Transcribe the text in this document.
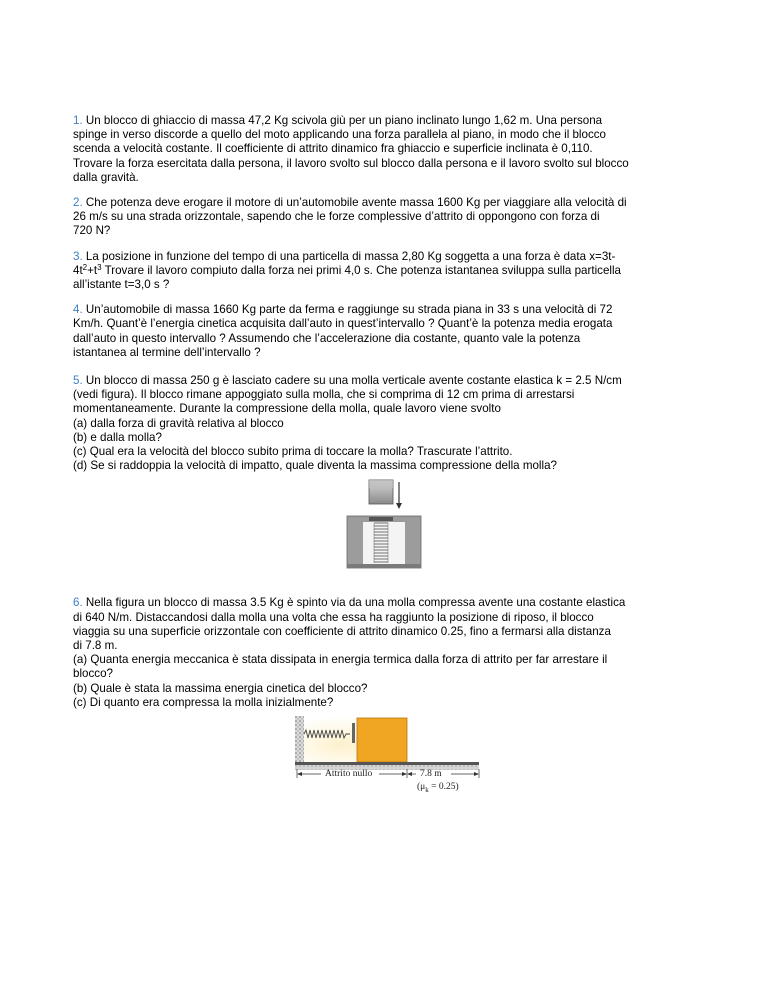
1. Un blocco di ghiaccio di massa 47,2 Kg scivola giù per un piano inclinato lungo 1,62 m. Una persona
spinge in verso discorde a quello del moto applicando una forza parallela al piano, in modo che il blocco
scenda a velocità costante. Il coefficiente di attrito dinamico fra ghiaccio e superficie inclinata è 0,110.
Trovare la forza esercitata dalla persona, il lavoro svolto sul blocco dalla persona e il lavoro svolto sul blocco
dalla gravità.
2. Che potenza deve erogare il motore di un’automobile avente massa 1600 Kg per viaggiare alla velocità di
26 m/s su una strada orizzontale, sapendo che le forze complessive d’attrito di oppongono con forza di
720 N?
3. La posizione in funzione del tempo di una particella di massa 2,80 Kg soggetta a una forza è data x=3t-
$4t^2+t^3$ Trovare il lavoro compiuto dalla forza nei primi 4,0 s. Che potenza istantanea sviluppa sulla particella
all’istante t=3,0 s ?
4. Un’automobile di massa 1660 Kg parte da ferma e raggiunge su strada piana in 33 s una velocità di 72
Km/h. Quant’è l’energia cinetica acquisita dall’auto in quest’intervallo ? Quant’è la potenza media erogata
dall’auto in questo intervallo ? Assumendo che l’accelerazione dia costante, quanto vale la potenza
istantanea al termine dell’intervallo ?
5. Un blocco di massa 250 g è lasciato cadere su una molla verticale avente costante elastica k = 2.5 N/cm
(vedi figura). Il blocco rimane appoggiato sulla molla, che si comprima di 12 cm prima di arrestarsi
momentaneamente. Durante la compressione della molla, quale lavoro viene svolto
(a) dalla forza di gravità relativa al blocco
(b) e dalla molla?
(c) Qual era la velocità del blocco subito prima di toccare la molla? Trascurate l’attrito.
(d) Se si raddoppia la velocità di impatto, quale diventa la massima compressione della molla?
6. Nella figura un blocco di massa 3.5 Kg è spinto via da una molla compressa avente una costante elastica
di 640 N/m. Distaccandosi dalla molla una volta che essa ha raggiunto la posizione di riposo, il blocco
viaggia su una superficie orizzontale con coefficiente di attrito dinamico 0.25, fino a fermarsi alla distanza
di 7.8 m.
(a) Quanta energia meccanica è stata dissipata in energia termica dalla forza di attrito per far arrestare il
blocco?
(b) Quale è stata la massima energia cinetica del blocco?
(c) Di quanto era compressa la molla inizialmente?
Attrito nullo	7.8 m
$(\mu_k = 0.25)$
